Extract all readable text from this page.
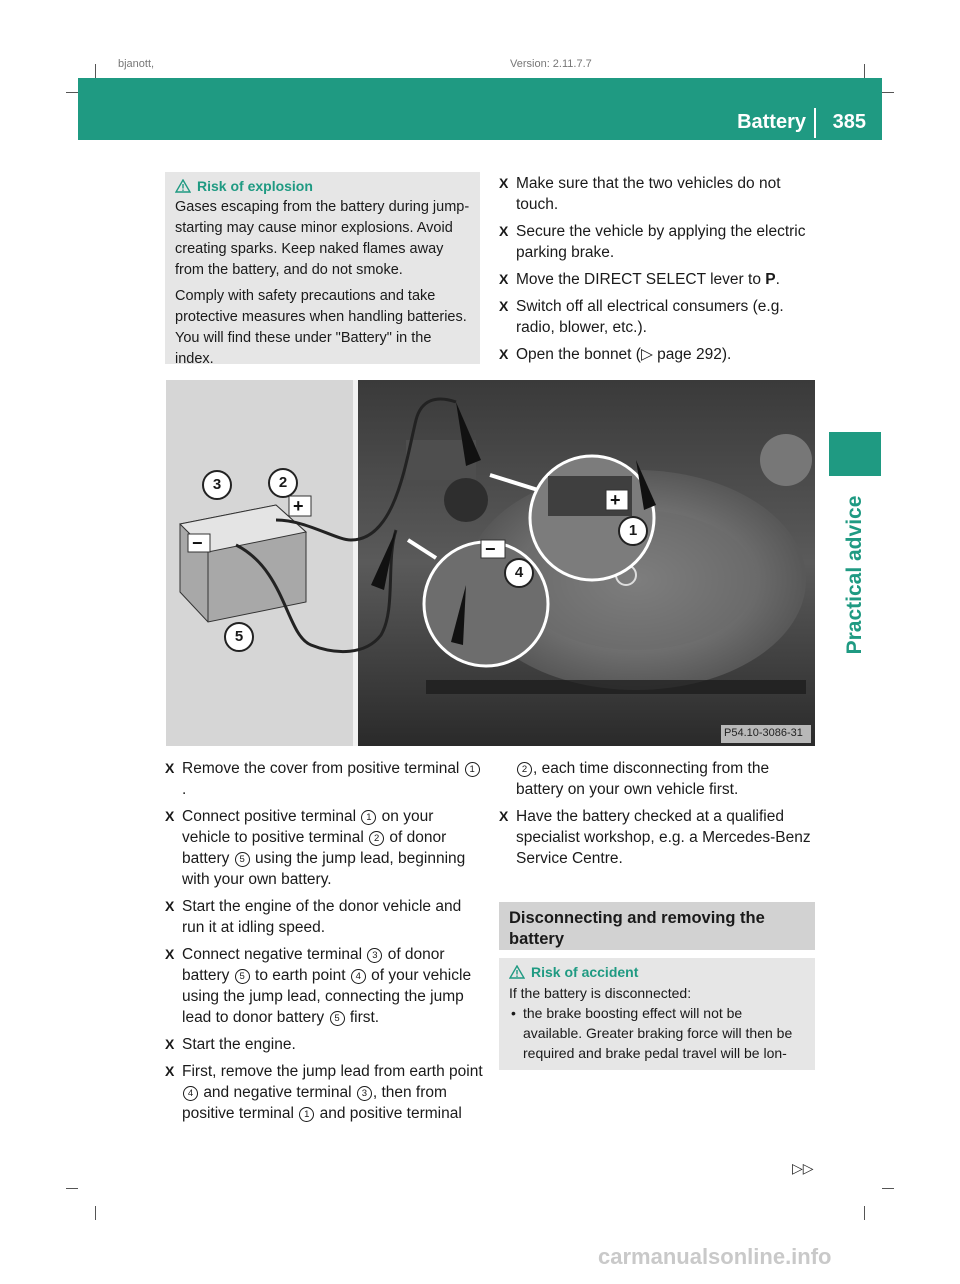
bjanott,	Version: 2.11.7.7
Battery 385
Practical advice
Risk of explosion

Gases escaping from the battery during jump-starting may cause minor explosions. Avoid creating sparks. Keep naked flames away from the battery, and do not smoke.

Comply with safety precautions and take protective measures when handling batteries. You will find these under "Battery" in the index.

X Make sure that the two vehicles do not touch.
X Secure the vehicle by applying the electric parking brake.
X Move the DIRECT SELECT lever to P.
X Switch off all electrical consumers (e.g. radio, blower, etc.).
X Open the bonnet (▷ page 292).
−
+	+
−
3	2
5
1
4
P54.10-3086-31
X Remove the cover from positive terminal 1.
X Connect positive terminal 1 on your vehicle to positive terminal 2 of donor battery 5 using the jump lead, beginning with your own battery.
X Start the engine of the donor vehicle and run it at idling speed.
X Connect negative terminal 3 of donor battery 5 to earth point 4 of your vehicle using the jump lead, connecting the jump lead to donor battery 5 first.
X Start the engine.
X First, remove the jump lead from earth point 4 and negative terminal 3 , then from positive terminal 1 and positive terminal
2 , each time disconnecting from the battery on your own vehicle first.
X Have the battery checked at a qualified specialist workshop, e.g. a Mercedes-Benz Service Centre.
Disconnecting and removing the battery
Risk of accident

If the battery is disconnected:

• the brake boosting effect will not be available. Greater braking force will then be required and brake pedal travel will be lon-
▷▷
carmanualsonline.info
